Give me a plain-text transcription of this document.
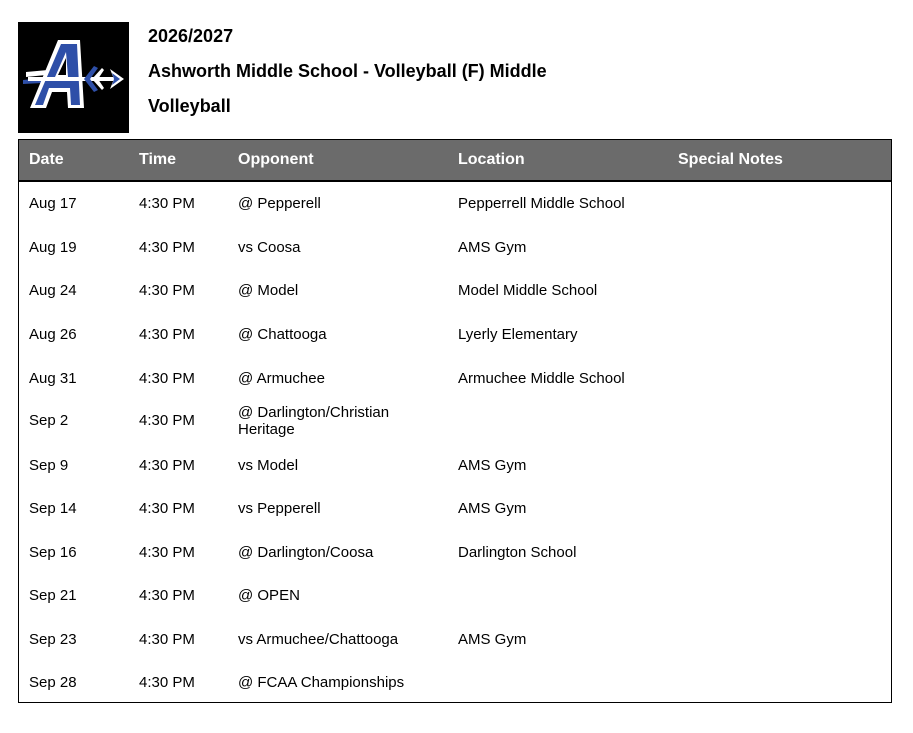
2026/2027
Ashworth Middle School - Volleyball (F) Middle
Volleyball
Date	Time	Opponent	Location	Special Notes
Aug 17	4:30 PM	@ Pepperell	Pepperrell Middle School
Aug 19	4:30 PM	vs Coosa	AMS Gym
Aug 24	4:30 PM	@ Model	Model Middle School
Aug 26	4:30 PM	@ Chattooga	Lyerly Elementary
Aug 31	4:30 PM	@ Armuchee	Armuchee Middle School
Sep 2	4:30 PM	@ Darlington/Christian Heritage
Sep 9	4:30 PM	vs Model	AMS Gym
Sep 14	4:30 PM	vs Pepperell	AMS Gym
Sep 16	4:30 PM	@ Darlington/Coosa	Darlington School
Sep 21	4:30 PM	@ OPEN
Sep 23	4:30 PM	vs Armuchee/Chattooga	AMS Gym
Sep 28	4:30 PM	@ FCAA Championships
